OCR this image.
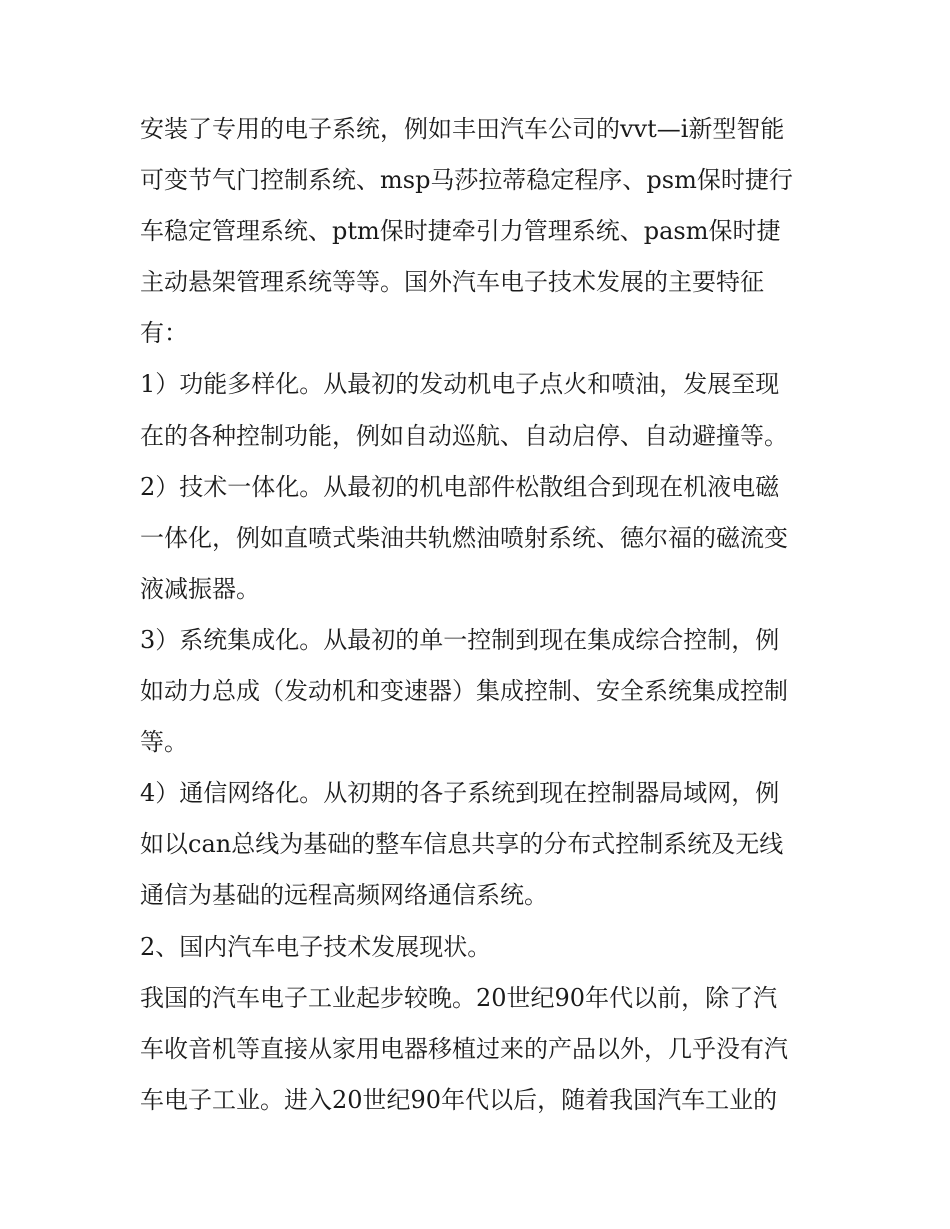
安装了专用的电子系统，例如丰田汽车公司的vvt—i新型智能
可变节气门控制系统、msp马莎拉蒂稳定程序、psm保时捷行
车稳定管理系统、ptm保时捷牵引力管理系统、pasm保时捷
主动悬架管理系统等等。国外汽车电子技术发展的主要特征
有：
1）功能多样化。从最初的发动机电子点火和喷油，发展至现
在的各种控制功能，例如自动巡航、自动启停、自动避撞等。
2）技术一体化。从最初的机电部件松散组合到现在机液电磁
一体化，例如直喷式柴油共轨燃油喷射系统、德尔福的磁流变
液减振器。
3）系统集成化。从最初的单一控制到现在集成综合控制，例
如动力总成（发动机和变速器）集成控制、安全系统集成控制
等。
4）通信网络化。从初期的各子系统到现在控制器局域网，例
如以can总线为基础的整车信息共享的分布式控制系统及无线
通信为基础的远程高频网络通信系统。
2、国内汽车电子技术发展现状。
我国的汽车电子工业起步较晚。20世纪90年代以前，除了汽
车收音机等直接从家用电器移植过来的产品以外，几乎没有汽
车电子工业。进入20世纪90年代以后，随着我国汽车工业的
